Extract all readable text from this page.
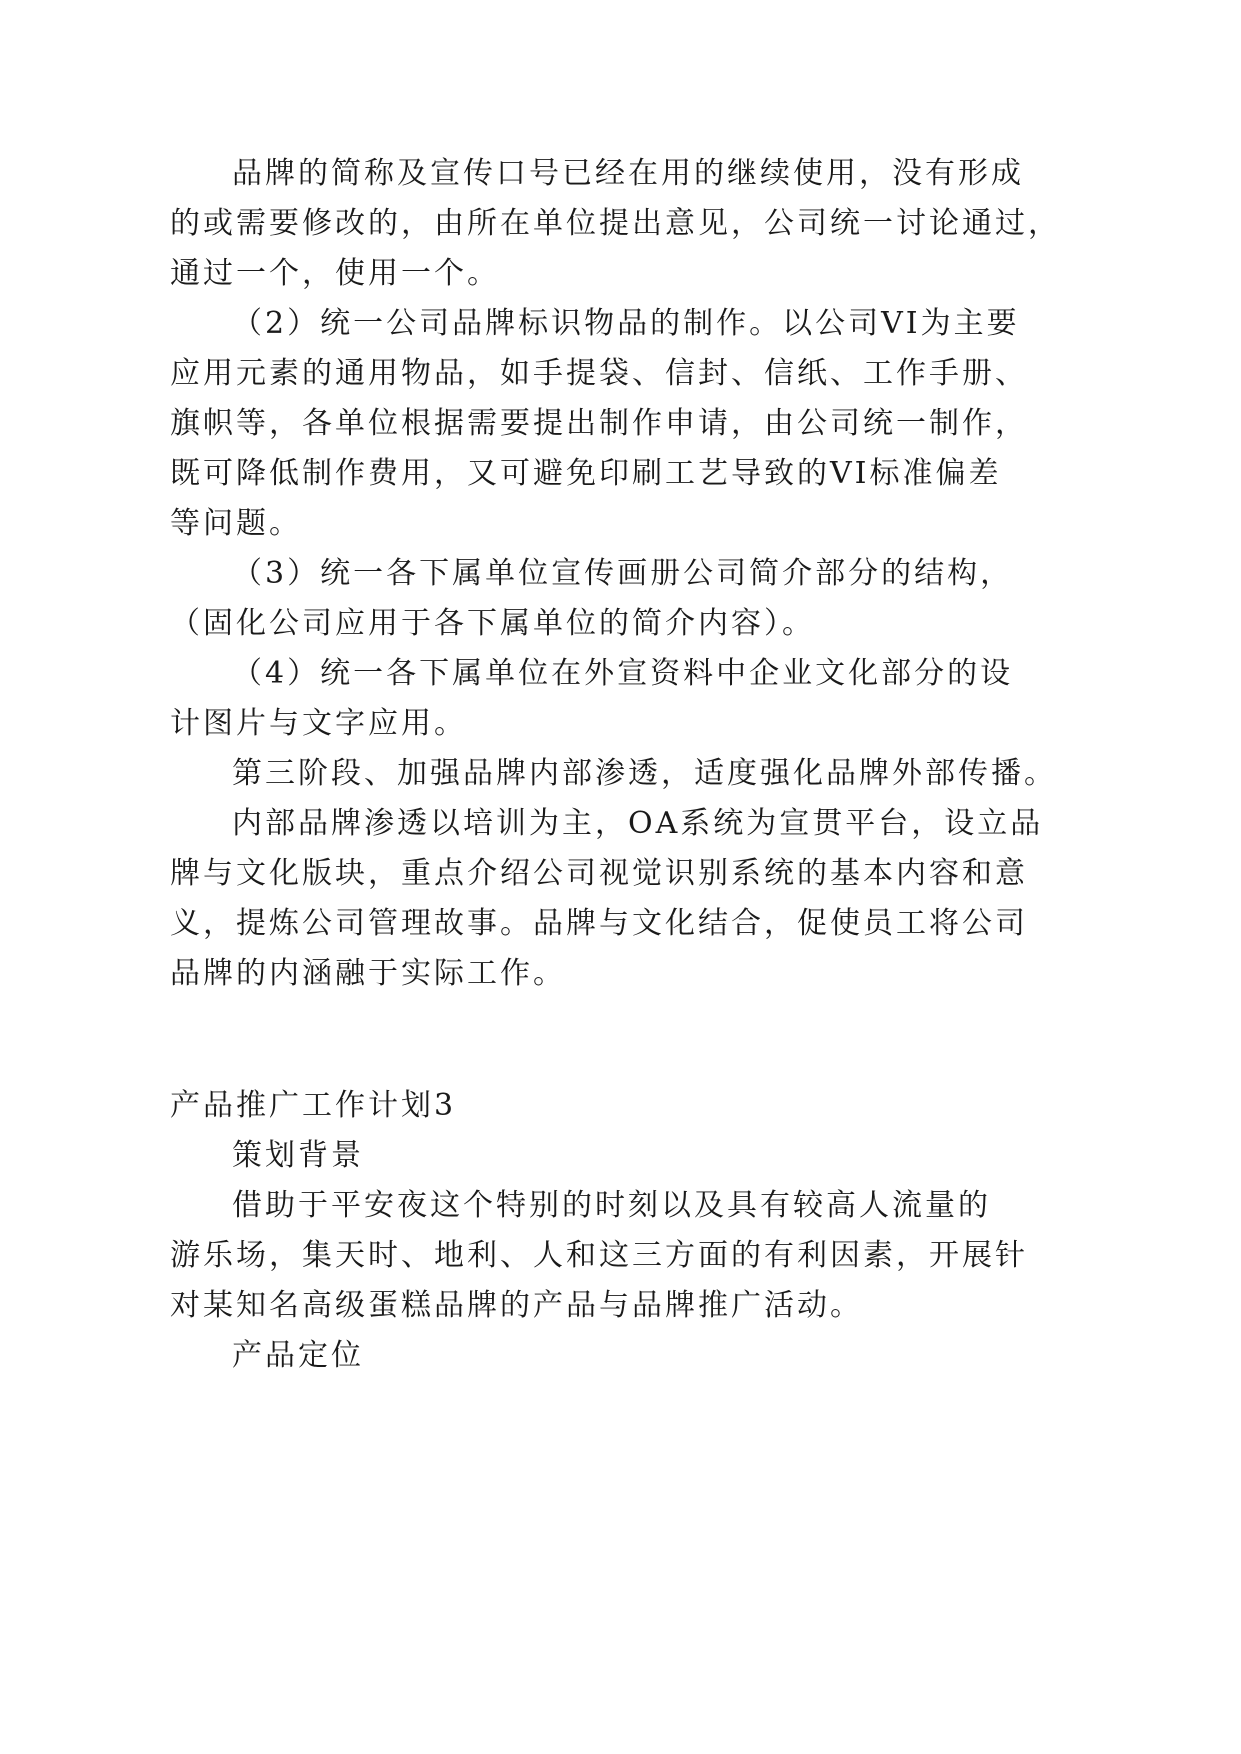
品牌的简称及宣传口号已经在用的继续使用，没有形成
的或需要修改的，由所在单位提出意见，公司统一讨论通过，
通过一个，使用一个。
（2）统一公司品牌标识物品的制作。以公司VI为主要
应用元素的通用物品，如手提袋、信封、信纸、工作手册、
旗帜等，各单位根据需要提出制作申请，由公司统一制作，
既可降低制作费用，又可避免印刷工艺导致的VI标准偏差
等问题。
（3）统一各下属单位宣传画册公司简介部分的结构，
（固化公司应用于各下属单位的简介内容）。
（4）统一各下属单位在外宣资料中企业文化部分的设
计图片与文字应用。
第三阶段、加强品牌内部渗透，适度强化品牌外部传播。
内部品牌渗透以培训为主，OA系统为宣贯平台，设立品
牌与文化版块，重点介绍公司视觉识别系统的基本内容和意
义，提炼公司管理故事。品牌与文化结合，促使员工将公司
品牌的内涵融于实际工作。
产品推广工作计划3
策划背景
借助于平安夜这个特别的时刻以及具有较高人流量的
游乐场，集天时、地利、人和这三方面的有利因素，开展针
对某知名高级蛋糕品牌的产品与品牌推广活动。
产品定位
